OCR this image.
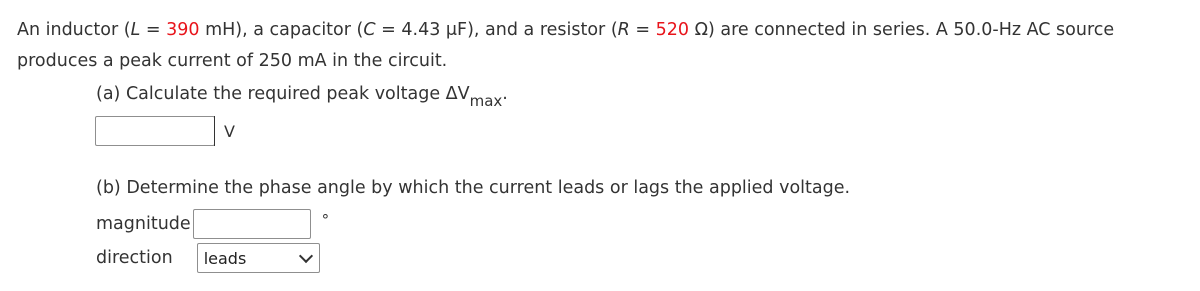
An inductor (L = 390 mH), a capacitor (C = 4.43 μF), and a resistor (R = 520 Ω) are connected in series. A 50.0-Hz AC source produces a peak current of 250 mA in the circuit.
(a) Calculate the required peak voltage $\Delta V_{max}$.
V
(b) Determine the phase angle by which the current leads or lags the applied voltage.
magnitude	°
direction leads
